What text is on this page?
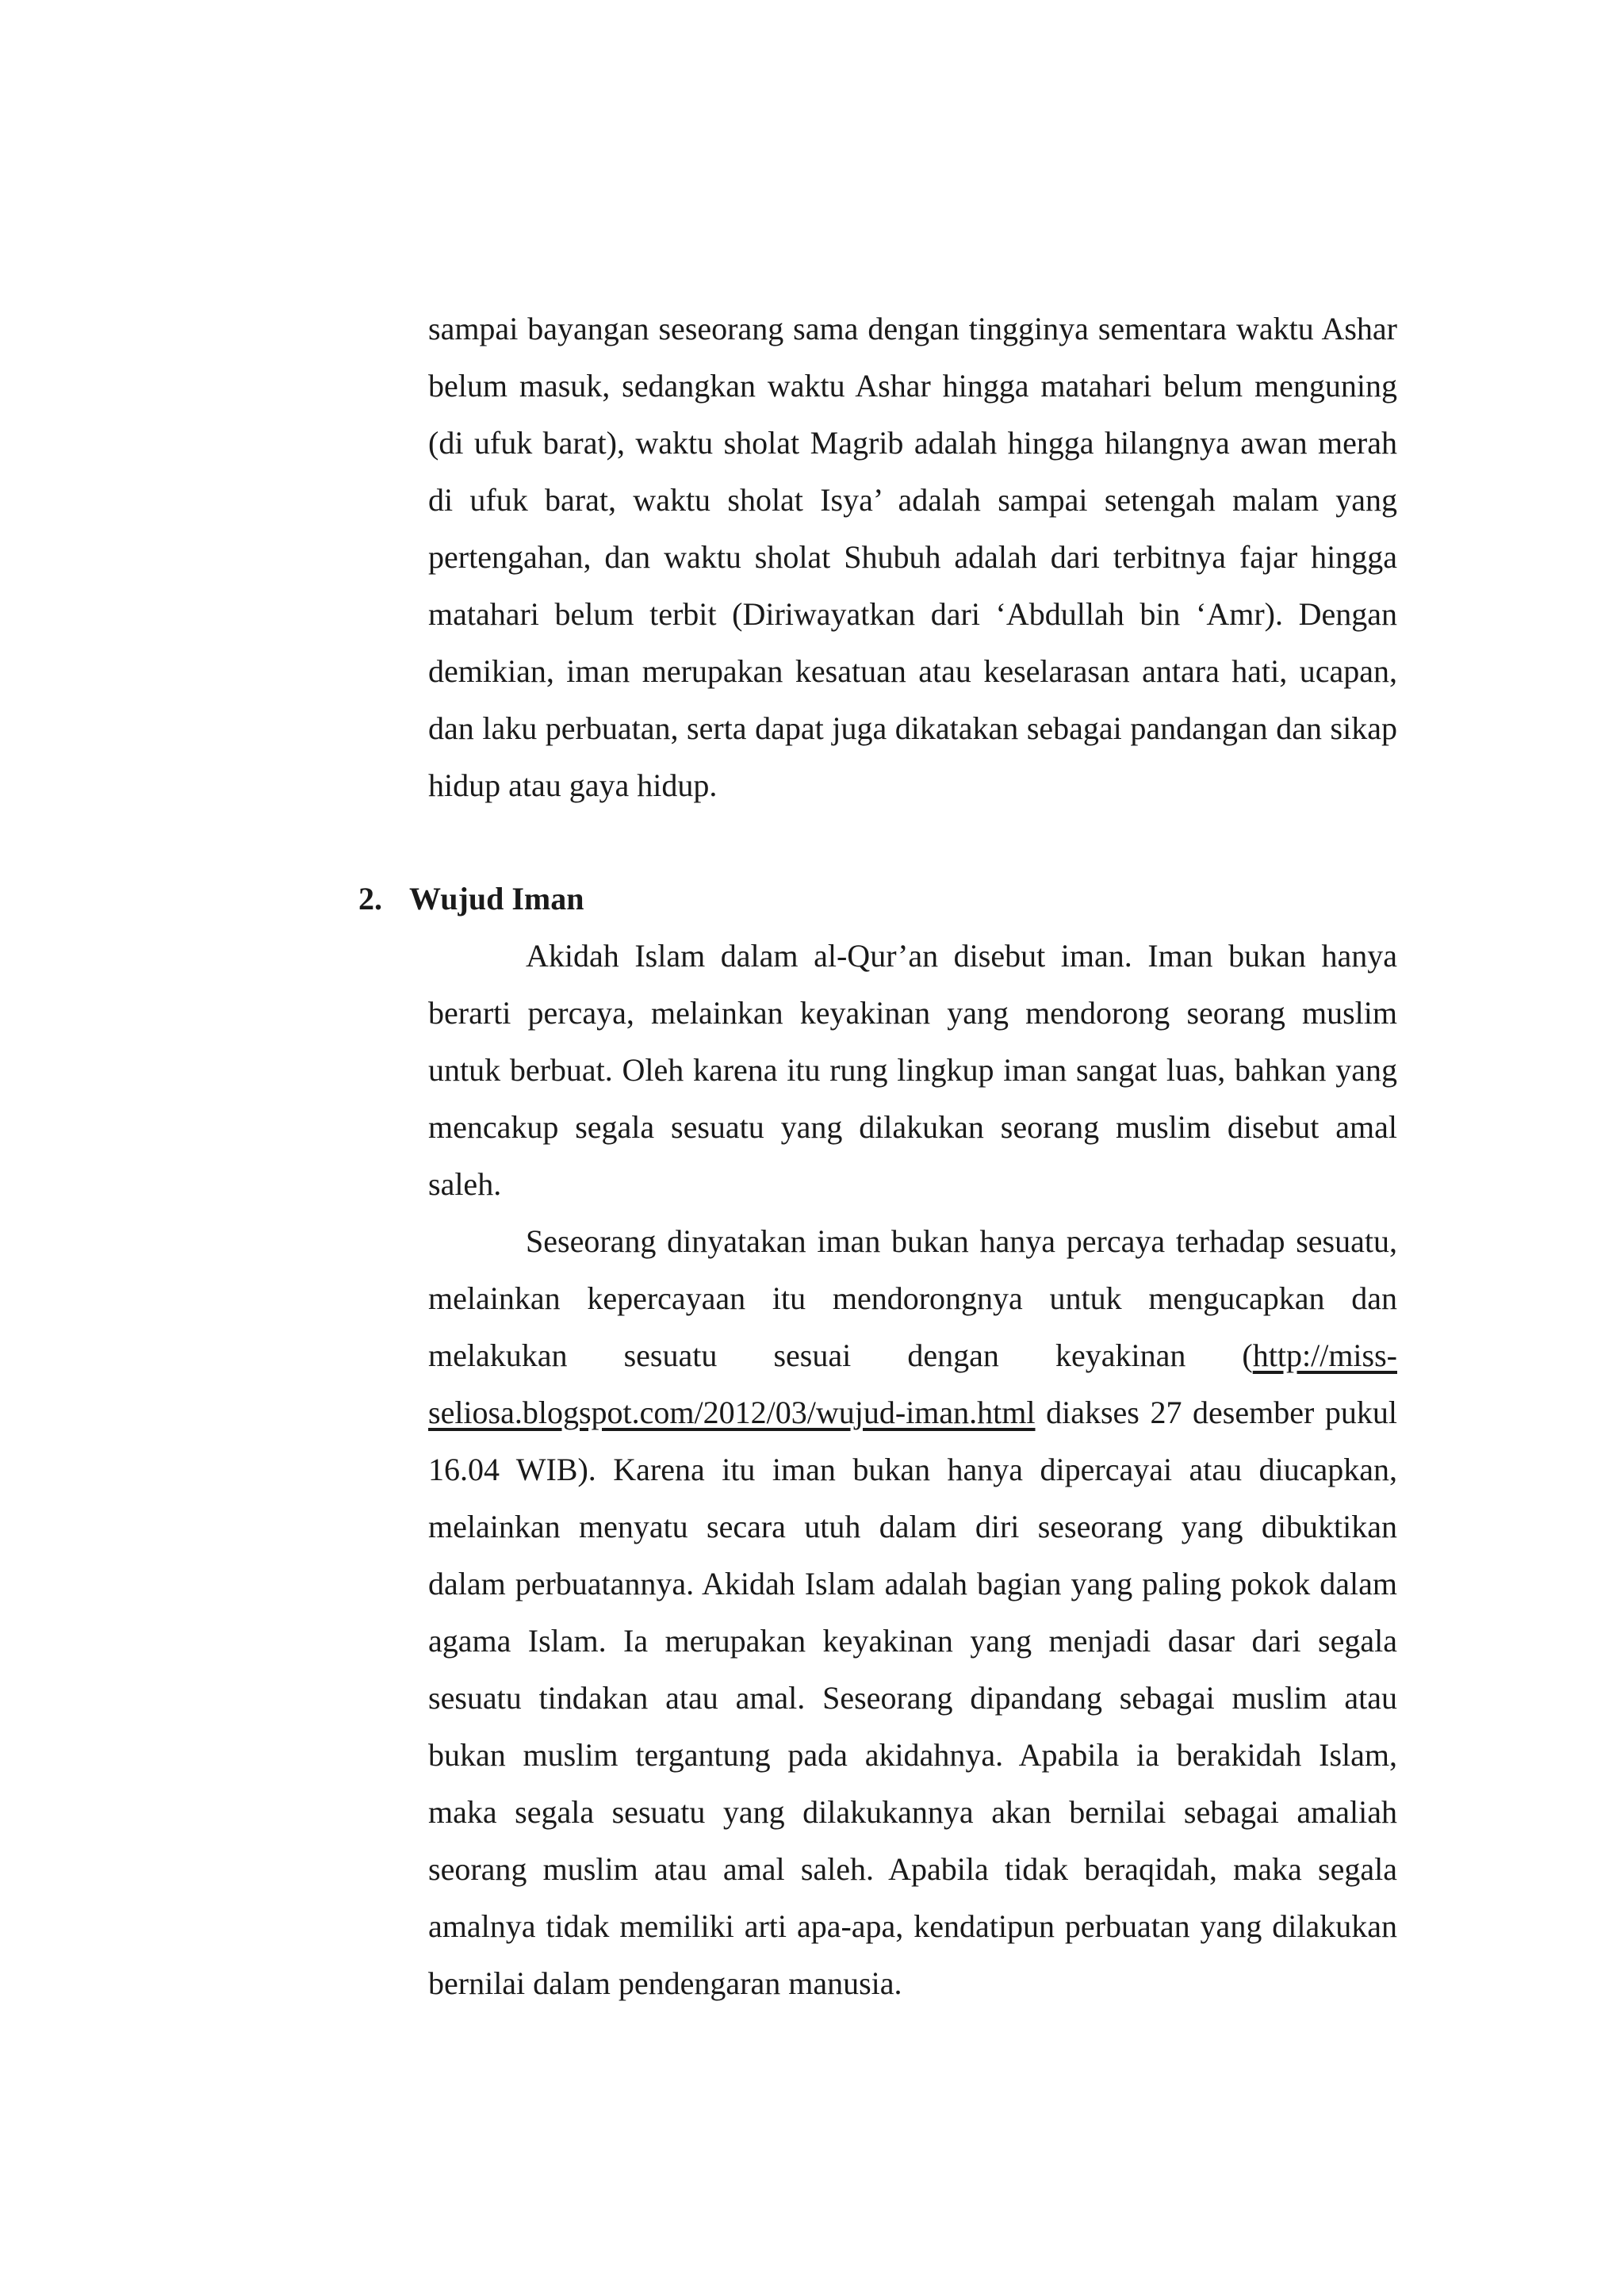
sampai bayangan seseorang sama dengan tingginya sementara waktu Ashar belum masuk, sedangkan waktu Ashar hingga matahari belum menguning (di ufuk barat), waktu sholat Magrib adalah hingga hilangnya awan merah di ufuk barat, waktu sholat Isya’ adalah sampai setengah malam yang pertengahan, dan waktu sholat Shubuh adalah dari terbitnya fajar hingga matahari belum terbit (Diriwayatkan dari ‘Abdullah bin ‘Amr). Dengan demikian, iman merupakan kesatuan atau keselarasan antara hati, ucapan, dan laku perbuatan, serta dapat juga dikatakan sebagai pandangan dan sikap hidup atau gaya hidup.

2. Wujud Iman

Akidah Islam dalam al-Qur’an disebut iman. Iman bukan hanya berarti percaya, melainkan keyakinan yang mendorong seorang muslim untuk berbuat. Oleh karena itu rung lingkup iman sangat luas, bahkan yang mencakup segala sesuatu yang dilakukan seorang muslim disebut amal saleh.

Seseorang dinyatakan iman bukan hanya percaya terhadap sesuatu, melainkan kepercayaan itu mendorongnya untuk mengucapkan dan melakukan sesuatu sesuai dengan keyakinan (http://miss-seliosa.blogspot.com/2012/03/wujud-iman.html diakses 27 desember pukul 16.04 WIB). Karena itu iman bukan hanya dipercayai atau diucapkan, melainkan menyatu secara utuh dalam diri seseorang yang dibuktikan dalam perbuatannya. Akidah Islam adalah bagian yang paling pokok dalam agama Islam. Ia merupakan keyakinan yang menjadi dasar dari segala sesuatu tindakan atau amal. Seseorang dipandang sebagai muslim atau bukan muslim tergantung pada akidahnya. Apabila ia berakidah Islam, maka segala sesuatu yang dilakukannya akan bernilai sebagai amaliah seorang muslim atau amal saleh. Apabila tidak beraqidah, maka segala amalnya tidak memiliki arti apa-apa, kendatipun perbuatan yang dilakukan bernilai dalam pendengaran manusia.
